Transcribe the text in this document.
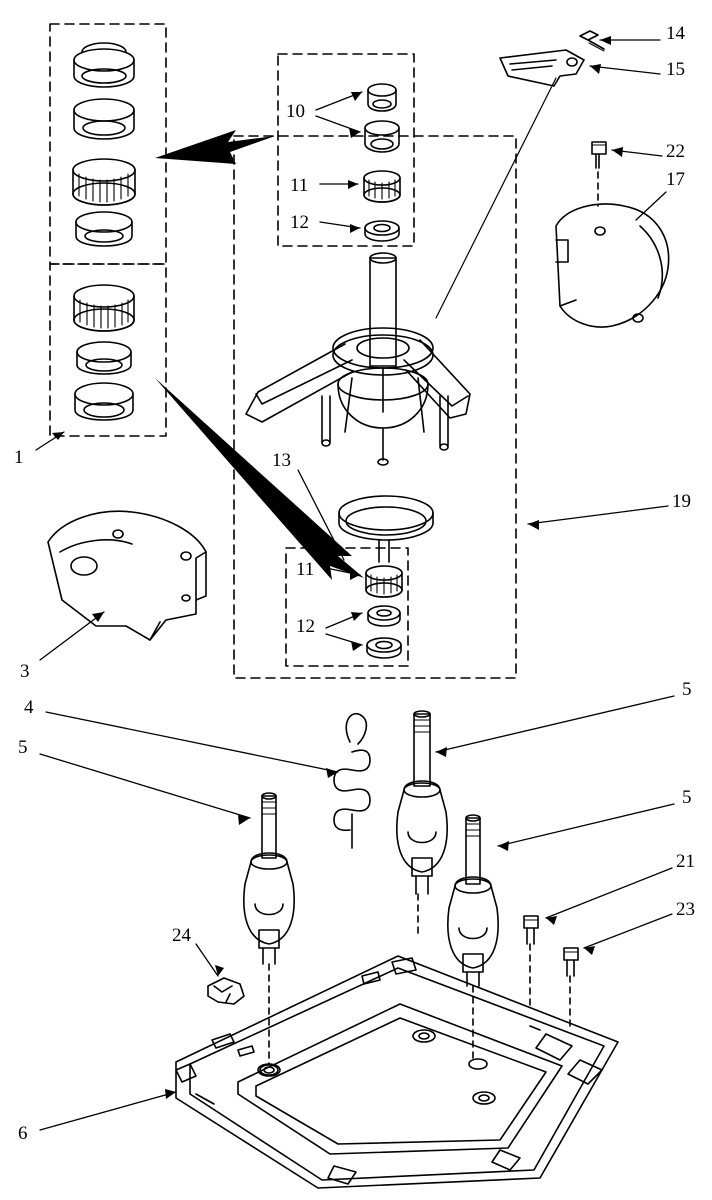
1
3
4
5
5
5
6
10
11
12
11
12
13
14
15
17
19
21
22
23
24
